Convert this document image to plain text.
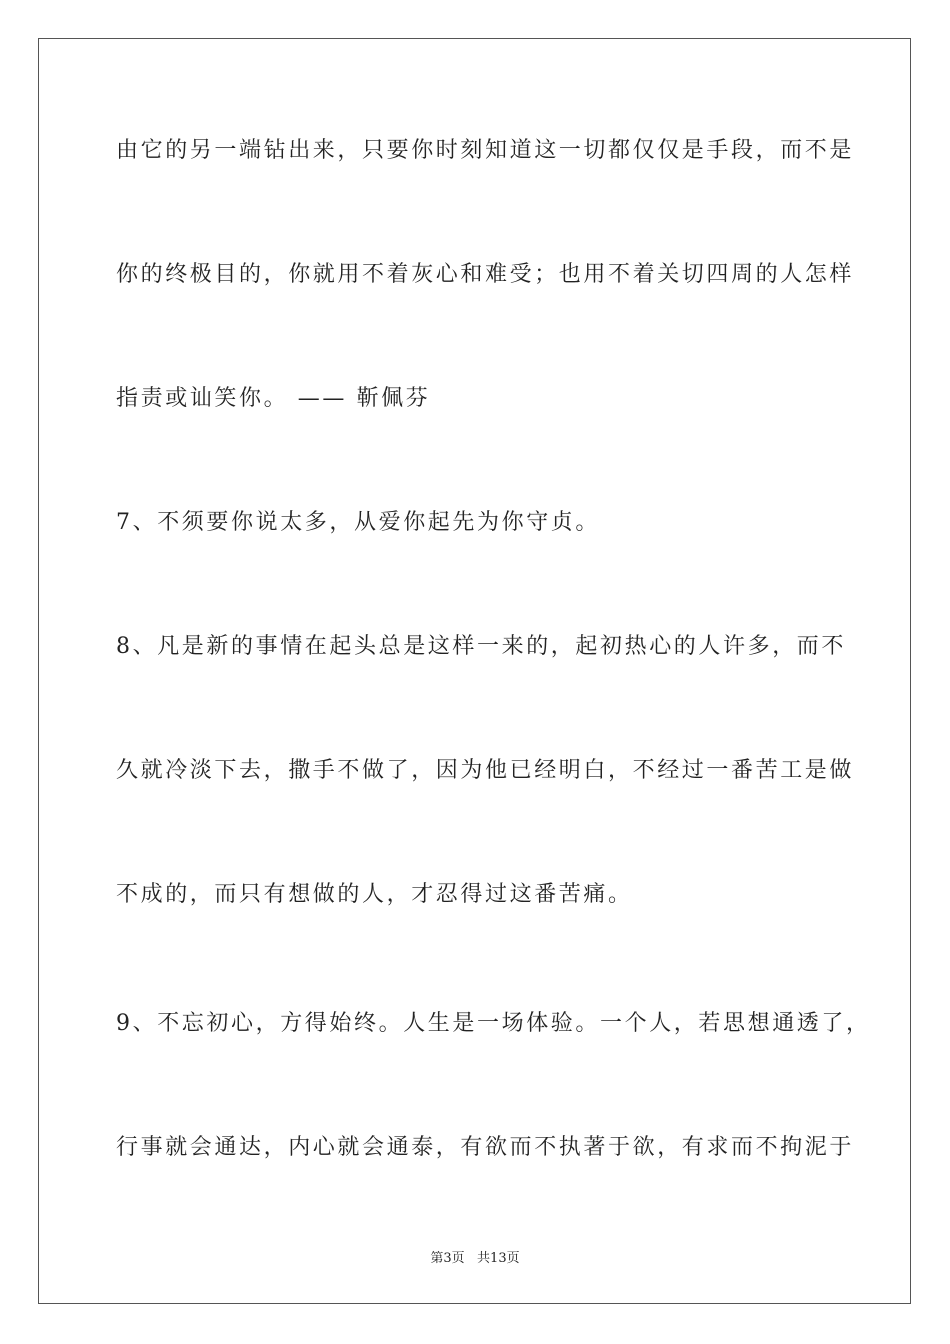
由它的另一端钻出来，只要你时刻知道这一切都仅仅是手段，而不是

你的终极目的，你就用不着灰心和难受；也用不着关切四周的人怎样

指责或讪笑你。 —— 靳佩芬

7、不须要你说太多，从爱你起先为你守贞。

8、凡是新的事情在起头总是这样一来的，起初热心的人许多，而不

久就冷淡下去，撒手不做了，因为他已经明白，不经过一番苦工是做

不成的，而只有想做的人，才忍得过这番苦痛。

9、不忘初心，方得始终。人生是一场体验。一个人，若思想通透了，

行事就会通达，内心就会通泰，有欲而不执著于欲，有求而不拘泥于

第3页   共13页
